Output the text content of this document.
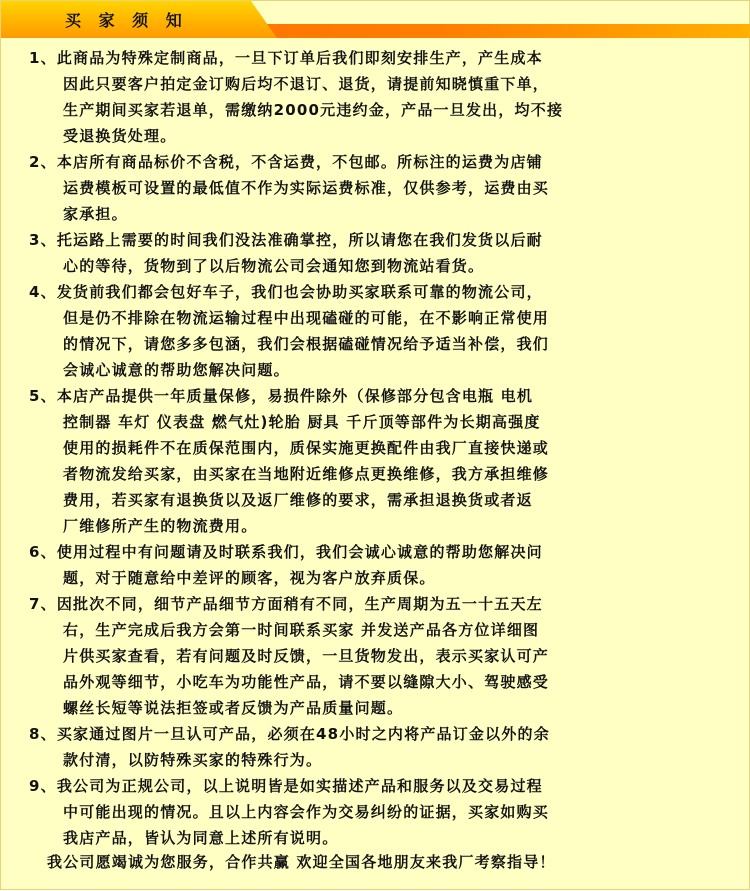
买 家 须 知
1、此商品为特殊定制商品，一旦下订单后我们即刻安排生产，产生成本
因此只要客户拍定金订购后均不退订、退货，请提前知晓慎重下单，
生产期间买家若退单，需缴纳2000元违约金，产品一旦发出，均不接
受退换货处理。
2、本店所有商品标价不含税，不含运费，不包邮。所标注的运费为店铺
运费模板可设置的最低值不作为实际运费标准，仅供参考，运费由买
家承担。
3、托运路上需要的时间我们没法准确掌控，所以请您在我们发货以后耐
心的等待，货物到了以后物流公司会通知您到物流站看货。
4、发货前我们都会包好车子，我们也会协助买家联系可靠的物流公司，
但是仍不排除在物流运输过程中出现磕碰的可能，在不影响正常使用
的情况下，请您多多包涵，我们会根据磕碰情况给予适当补偿，我们
会诚心诚意的帮助您解决问题。
5、本店产品提供一年质量保修，易损件除外（保修部分包含电瓶 电机
控制器 车灯 仪表盘 燃气灶)轮胎 厨具 千斤顶等部件为长期高强度
使用的损耗件不在质保范围内，质保实施更换配件由我厂直接快递或
者物流发给买家，由买家在当地附近维修点更换维修，我方承担维修
费用，若买家有退换货以及返厂维修的要求，需承担退换货或者返
厂维修所产生的物流费用。
6、使用过程中有问题请及时联系我们，我们会诚心诚意的帮助您解决问
题，对于随意给中差评的顾客，视为客户放弃质保。
7、因批次不同，细节产品细节方面稍有不同，生产周期为五一十五天左
右，生产完成后我方会第一时间联系买家 并发送产品各方位详细图
片供买家查看，若有问题及时反馈，一旦货物发出，表示买家认可产
品外观等细节，小吃车为功能性产品，请不要以缝隙大小、驾驶感受
螺丝长短等说法拒签或者反馈为产品质量问题。
8、买家通过图片一旦认可产品，必须在48小时之内将产品订金以外的余
款付清，以防特殊买家的特殊行为。
9、我公司为正规公司，以上说明皆是如实描述产品和服务以及交易过程
中可能出现的情况。且以上内容会作为交易纠纷的证据，买家如购买
我店产品，皆认为同意上述所有说明。
我公司愿竭诚为您服务，合作共赢 欢迎全国各地朋友来我厂考察指导！
